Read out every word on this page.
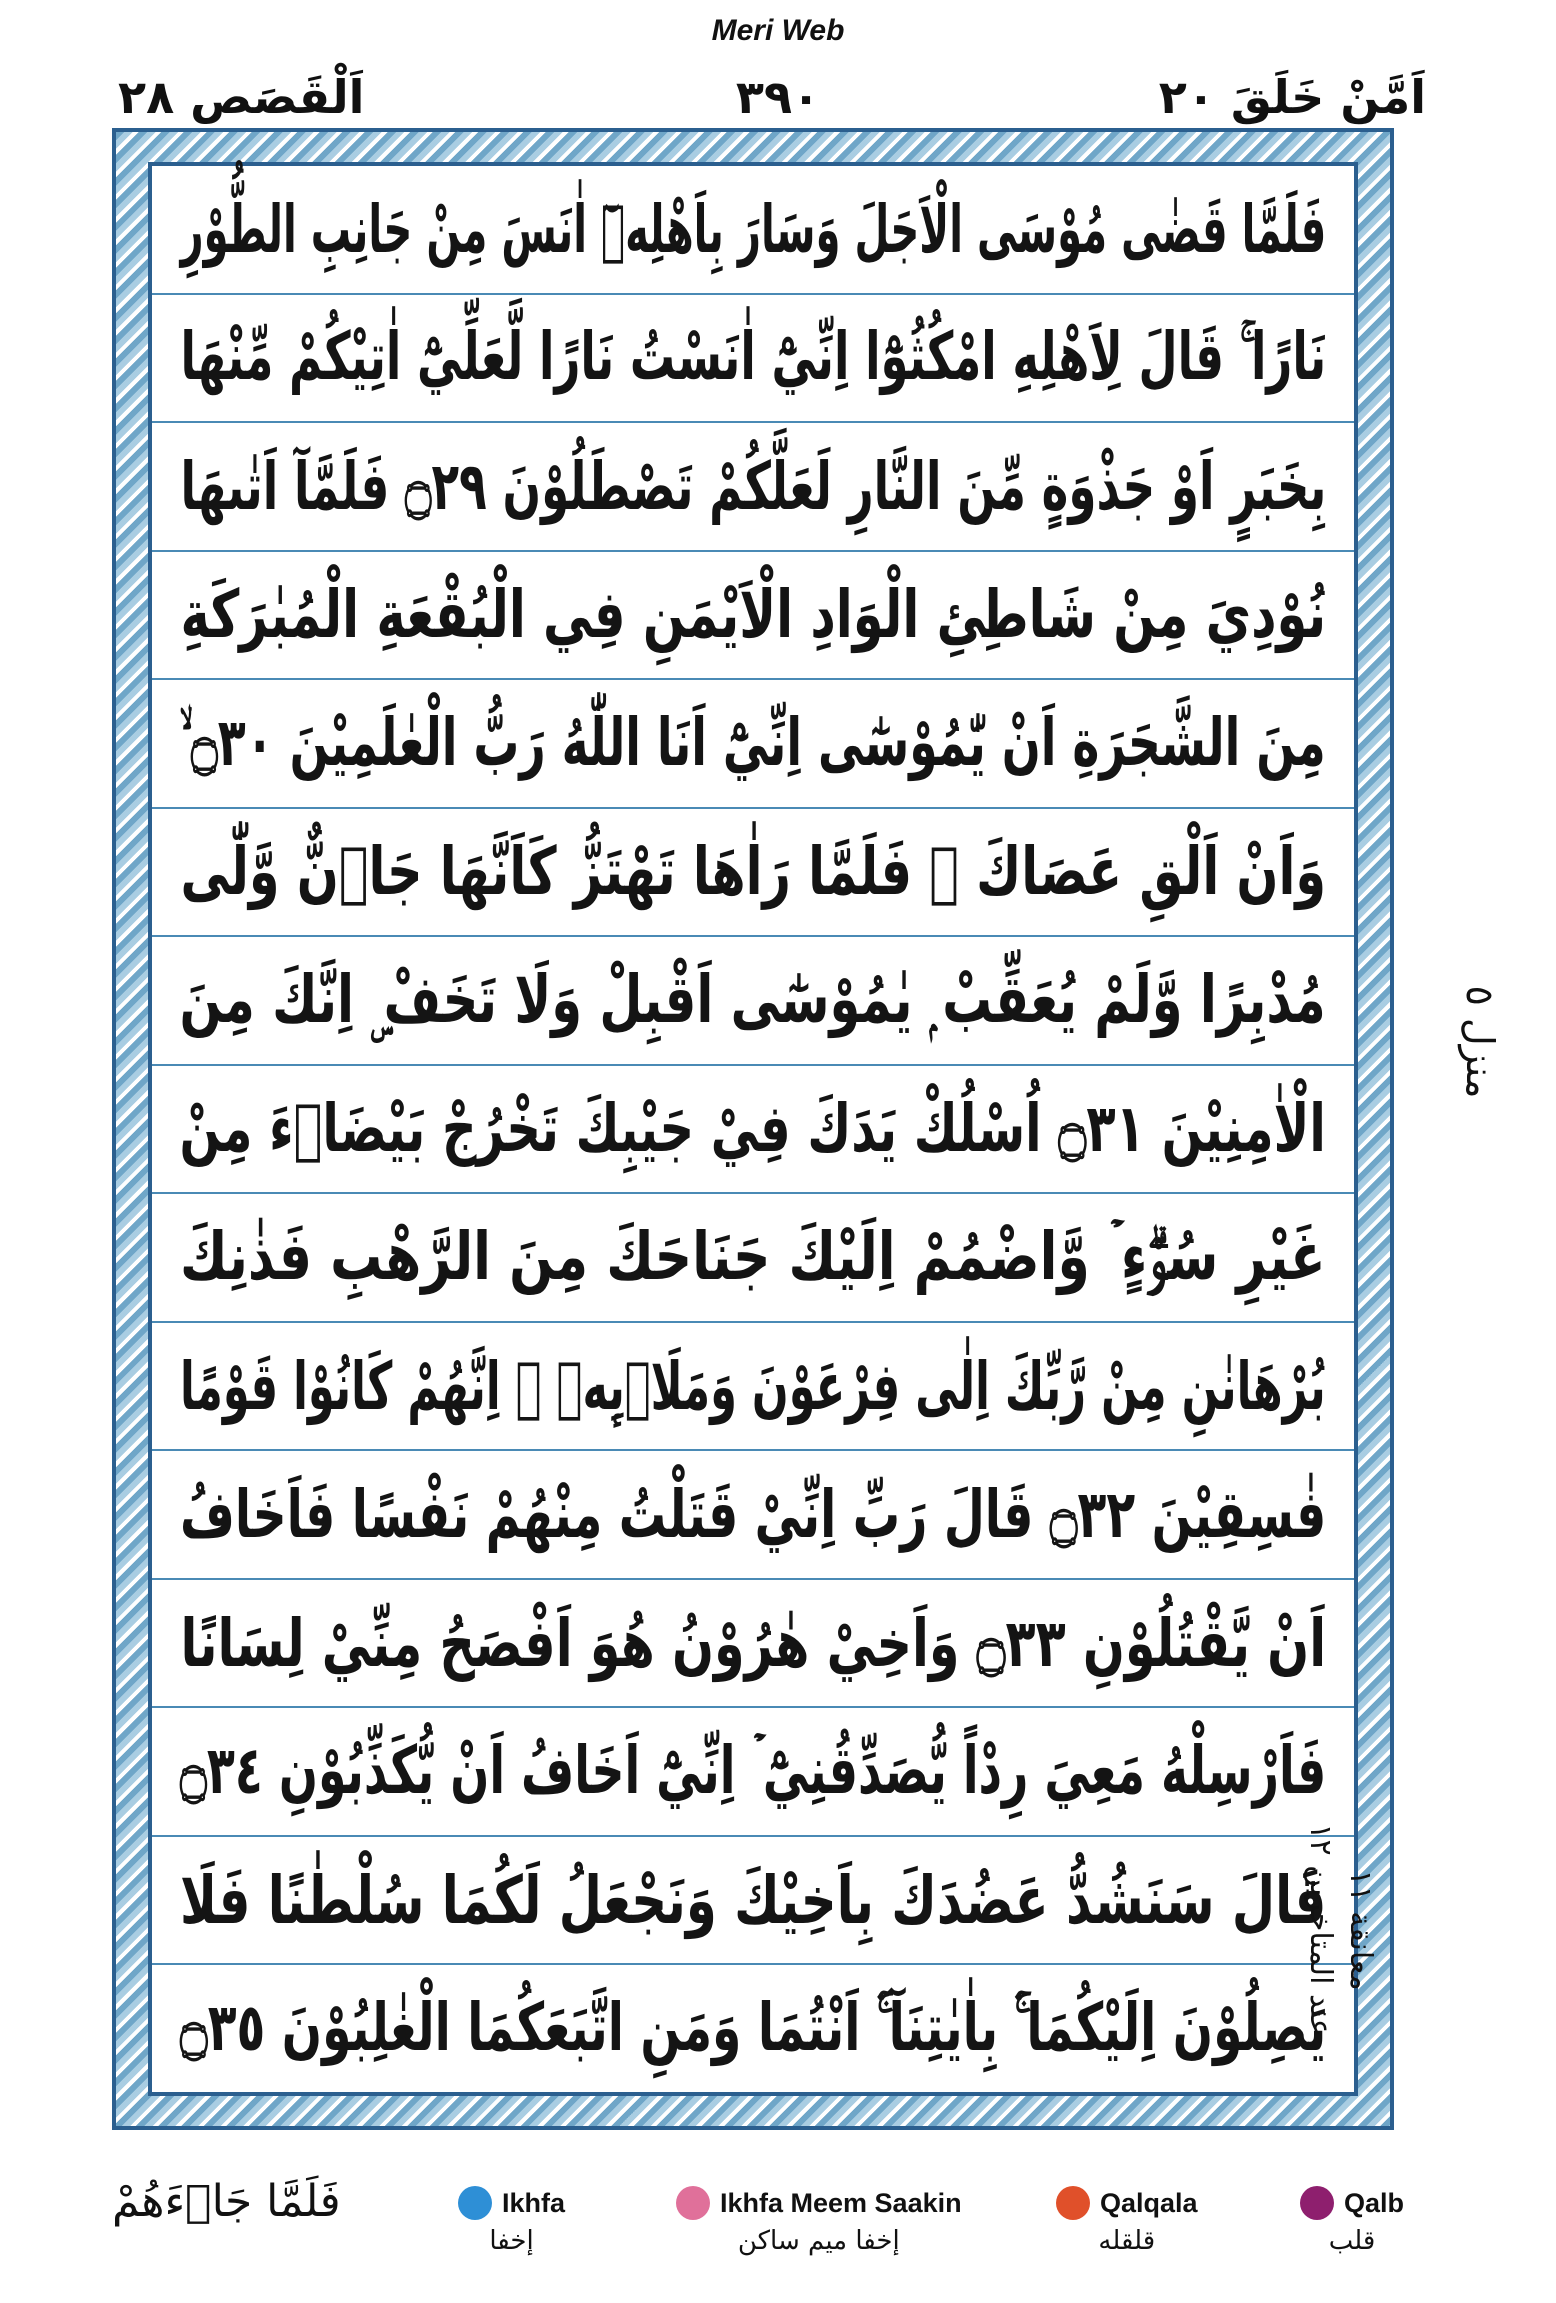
Meri Web
اَمَّنْ خَلَقَ ٢٠
٣٩٠
اَلْقَصَص ٢٨
فَلَمَّا قَضٰى مُوْسَى الْاَجَلَ وَسَارَ بِاَهْلِهٖٓ اٰنَسَ مِنْ جَانِبِ الطُّوْرِ
نَارًا ۚ قَالَ لِاَهْلِهِ امْكُثُوْٓا اِنِّيْٓ اٰنَسْتُ نَارًا لَّعَلِّيْٓ اٰتِيْكُمْ مِّنْهَا
بِخَبَرٍ اَوْ جَذْوَةٍ مِّنَ النَّارِ لَعَلَّكُمْ تَصْطَلُوْنَ ۝٢٩ فَلَمَّآ اَتٰىهَا
نُوْدِيَ مِنْ شَاطِئِ الْوَادِ الْاَيْمَنِ فِي الْبُقْعَةِ الْمُبٰرَكَةِ
مِنَ الشَّجَرَةِ اَنْ يّٰمُوْسٰٓى اِنِّيْٓ اَنَا اللّٰهُ رَبُّ الْعٰلَمِيْنَ ۝٣٠ ۙ
وَاَنْ اَلْقِ عَصَاكَ ۭ فَلَمَّا رَاٰهَا تَهْتَزُّ كَاَنَّهَا جَاۗنٌّ وَّلّٰى
مُدْبِرًا وَّلَمْ يُعَقِّبْ ۭ يٰمُوْسٰٓى اَقْبِلْ وَلَا تَخَفْ ۣ اِنَّكَ مِنَ
الْاٰمِنِيْنَ ۝٣١ اُسْلُكْ يَدَكَ فِيْ جَيْبِكَ تَخْرُجْ بَيْضَاۗءَ مِنْ
غَيْرِ سُوْۗءٍ ۡ وَّاضْمُمْ اِلَيْكَ جَنَاحَكَ مِنَ الرَّهْبِ فَذٰنِكَ
بُرْهَانٰنِ مِنْ رَّبِّكَ اِلٰى فِرْعَوْنَ وَمَلَا۟ىِٕهٖ ۭ اِنَّهُمْ كَانُوْا قَوْمًا
فٰسِقِيْنَ ۝٣٢ قَالَ رَبِّ اِنِّيْ قَتَلْتُ مِنْهُمْ نَفْسًا فَاَخَافُ
اَنْ يَّقْتُلُوْنِ ۝٣٣ وَاَخِيْ هٰرُوْنُ هُوَ اَفْصَحُ مِنِّيْ لِسَانًا
فَاَرْسِلْهُ مَعِيَ رِدْاً يُّصَدِّقُنِيْٓ ۡ اِنِّيْٓ اَخَافُ اَنْ يُّكَذِّبُوْنِ ۝٣٤
قَالَ سَنَشُدُّ عَضُدَكَ بِاَخِيْكَ وَنَجْعَلُ لَكُمَا سُلْطٰنًا فَلَا
يَصِلُوْنَ اِلَيْكُمَا ۚۛ بِاٰيٰتِنَآ ۚۛ اَنْتُمَا وَمَنِ اتَّبَعَكُمَا الْغٰلِبُوْنَ ۝٣٥
منزل ٥
معانقة ١١
عند المتاخرين ١٢
فَلَمَّا جَاۗءَهُمْ	Ikhfa
إخفا
Ikhfa Meem Saakin
إخفا ميم ساكن
Qalqala
قلقله
Qalb
قلب
